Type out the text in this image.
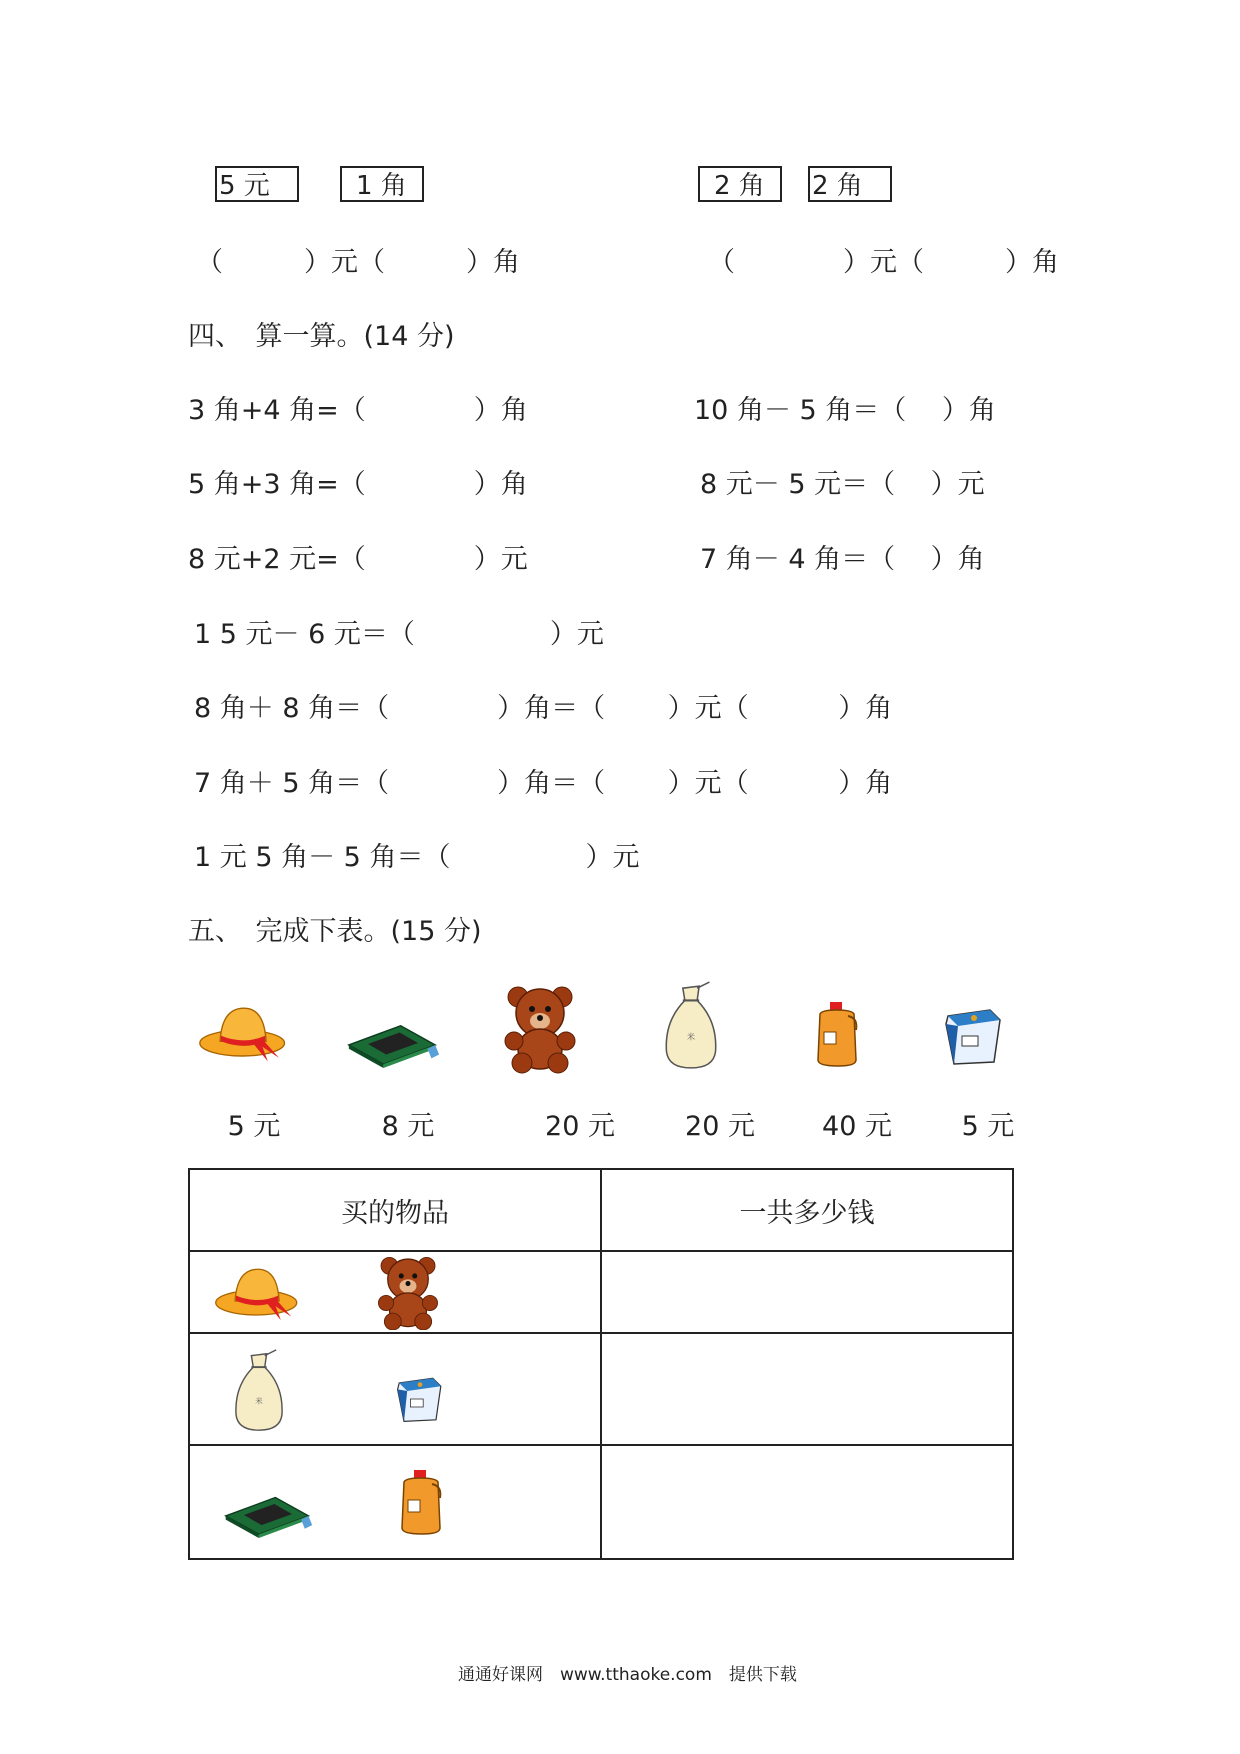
5 元	1 角	2 角	2 角
（　　　）元（　　　）角	（　　　　）元（　　　）角
四、　算一算。(14 分)
3 角+4 角=（　　　　）角	10 角－ 5 角＝（　 ）角
5 角+3 角=（　　　　）角	8 元－ 5 元＝（　 ）元
8 元+2 元=（　　　　）元	7 角－ 4 角＝（　 ）角
1 5 元－ 6 元＝（　　　　　）元
8 角＋ 8 角＝（　　　　）角＝（　　 ）元（　　　 ）角
7 角＋ 5 角＝（　　　　）角＝（　　 ）元（　　　 ）角
1 元 5 角－ 5 角＝（　　　　　）元
五、　完成下表。(15 分)
5 元	8 元	20 元	20 元	40 元	5 元
买的物品	一共多少钱

通通好课网　www.tthaoke.com　提供下载
